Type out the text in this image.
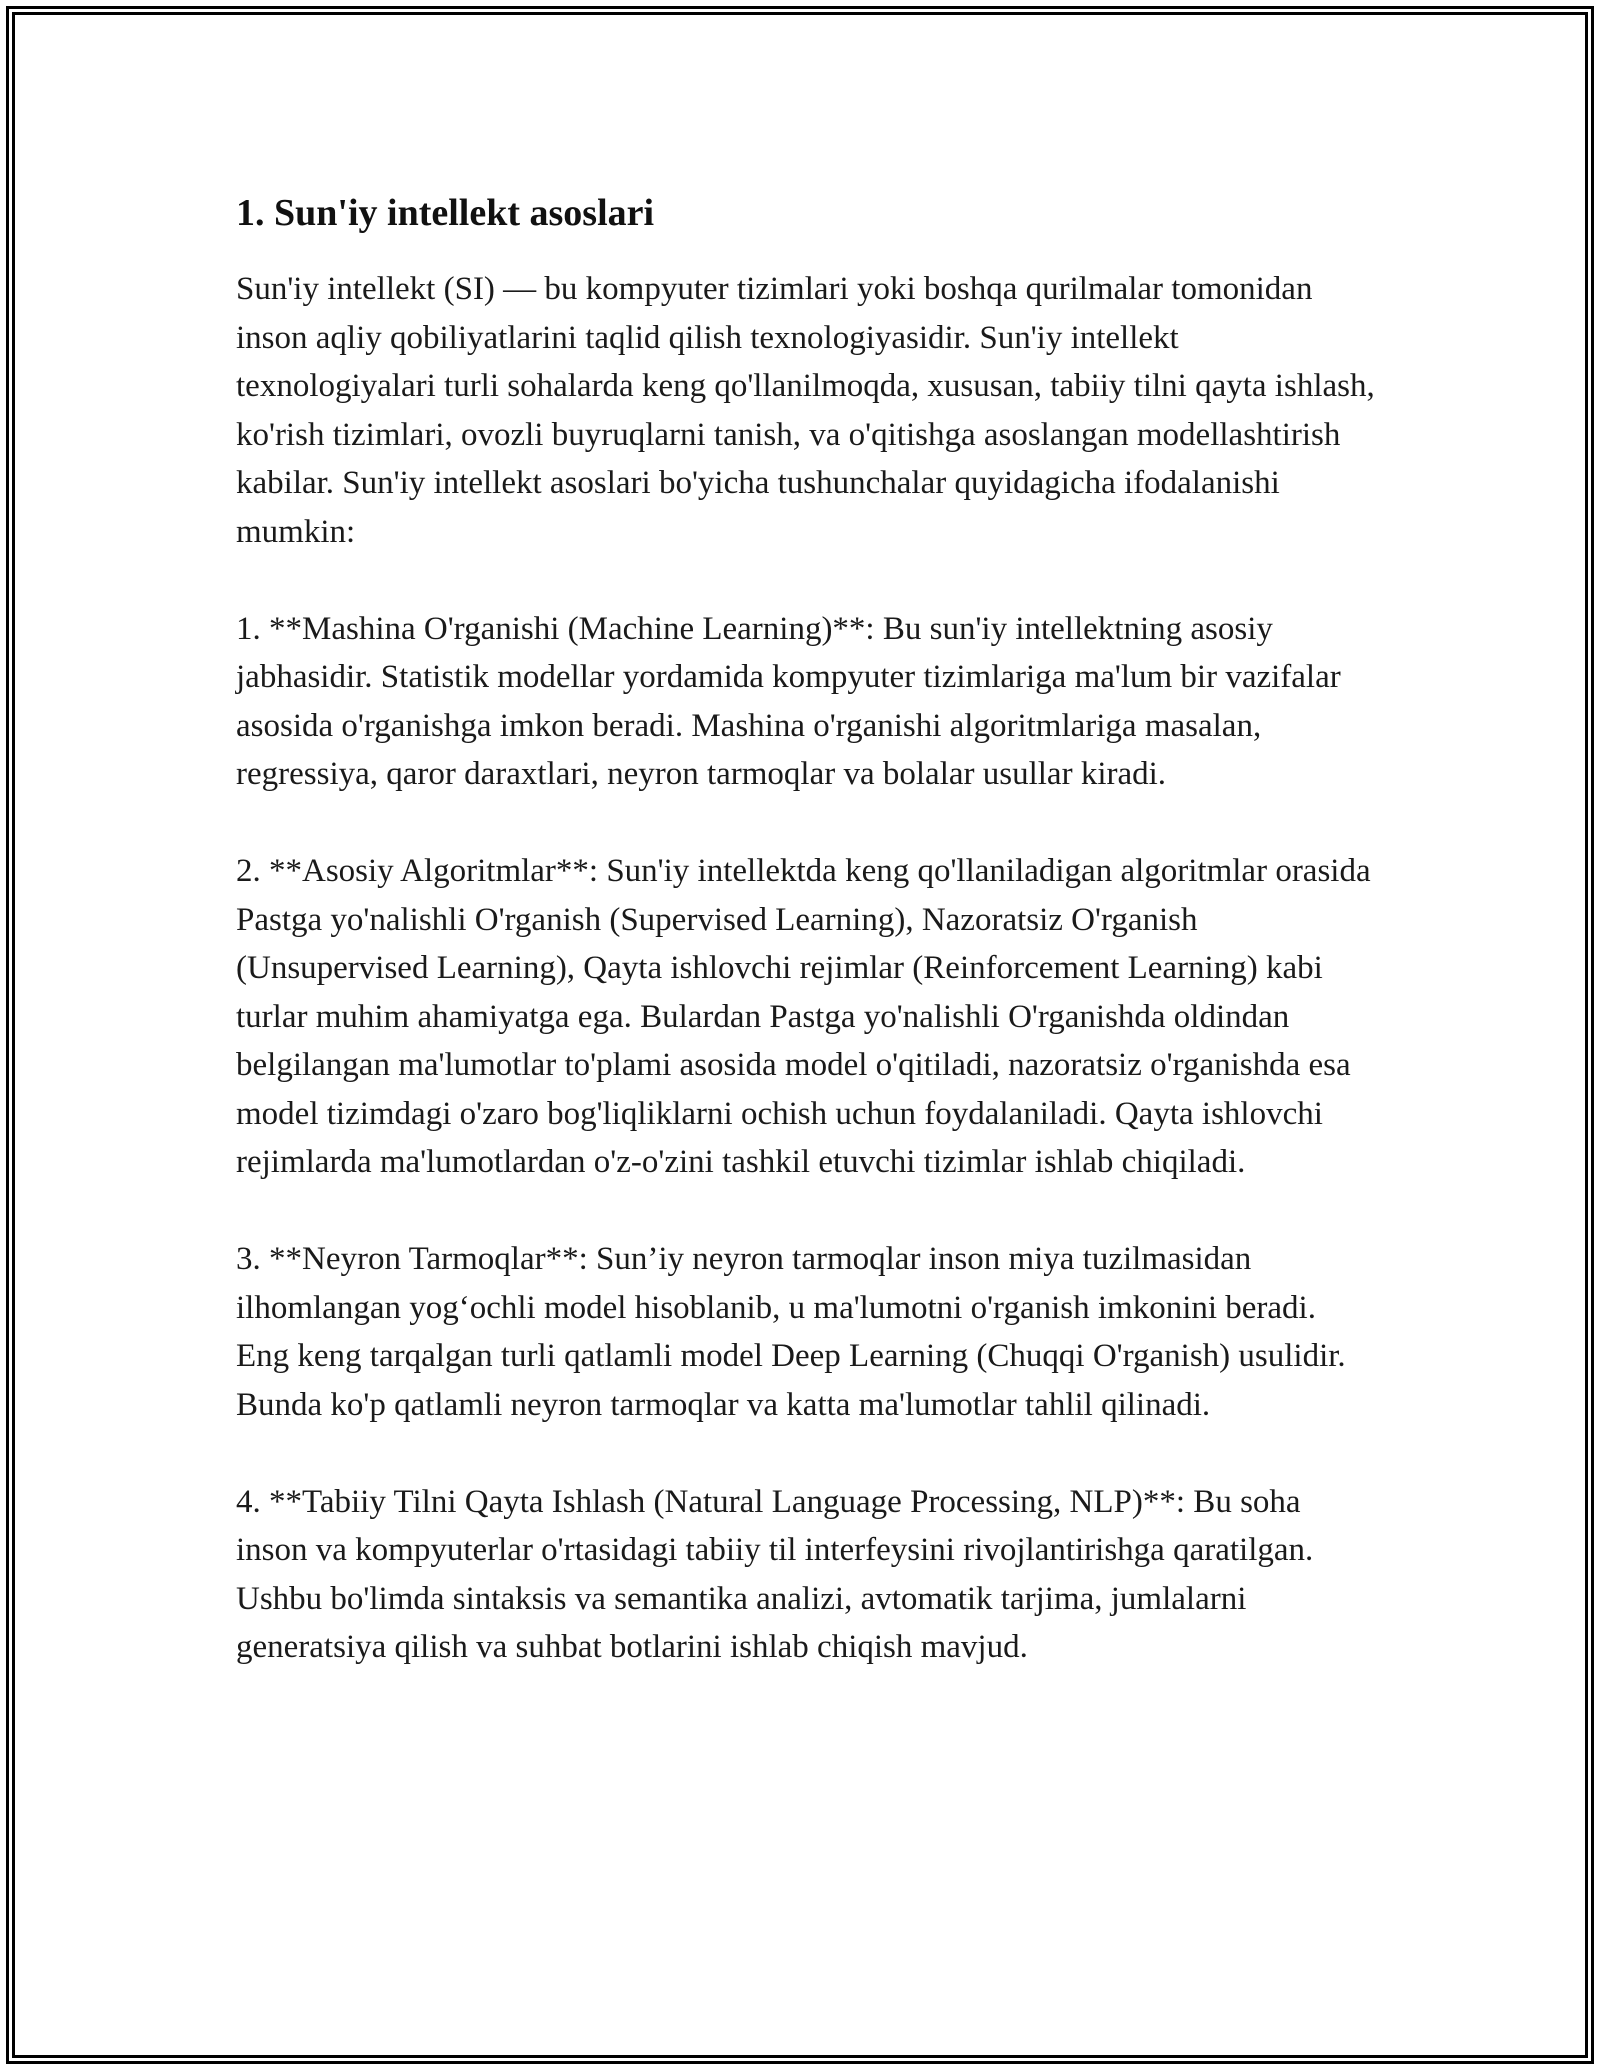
1. Sun'iy intellekt asoslari

Sun'iy intellekt (SI) — bu kompyuter tizimlari yoki boshqa qurilmalar tomonidan inson aqliy qobiliyatlarini taqlid qilish texnologiyasidir. Sun'iy intellekt texnologiyalari turli sohalarda keng qo'llanilmoqda, xususan, tabiiy tilni qayta ishlash, ko'rish tizimlari, ovozli buyruqlarni tanish, va o'qitishga asoslangan modellashtirish kabilar. Sun'iy intellekt asoslari bo'yicha tushunchalar quyidagicha ifodalanishi mumkin:

1. **Mashina O'rganishi (Machine Learning)**: Bu sun'iy intellektning asosiy jabhasidir. Statistik modellar yordamida kompyuter tizimlariga ma'lum bir vazifalar asosida o'rganishga imkon beradi. Mashina o'rganishi algoritmlariga masalan, regressiya, qaror daraxtlari, neyron tarmoqlar va bolalar usullar kiradi.

2. **Asosiy Algoritmlar**: Sun'iy intellektda keng qo'llaniladigan algoritmlar orasida Pastga yo'nalishli O'rganish (Supervised Learning), Nazoratsiz O'rganish (Unsupervised Learning), Qayta ishlovchi rejimlar (Reinforcement Learning) kabi turlar muhim ahamiyatga ega. Bulardan Pastga yo'nalishli O'rganishda oldindan belgilangan ma'lumotlar to'plami asosida model o'qitiladi, nazoratsiz o'rganishda esa model tizimdagi o'zaro bog'liqliklarni ochish uchun foydalaniladi. Qayta ishlovchi rejimlarda ma'lumotlardan o'z-o'zini tashkil etuvchi tizimlar ishlab chiqiladi.

3. **Neyron Tarmoqlar**: Sun’iy neyron tarmoqlar inson miya tuzilmasidan ilhomlangan yog‘ochli model hisoblanib, u ma'lumotni o'rganish imkonini beradi. Eng keng tarqalgan turli qatlamli model Deep Learning (Chuqqi O'rganish) usulidir. Bunda ko'p qatlamli neyron tarmoqlar va katta ma'lumotlar tahlil qilinadi.

4. **Tabiiy Tilni Qayta Ishlash (Natural Language Processing, NLP)**: Bu soha inson va kompyuterlar o'rtasidagi tabiiy til interfeysini rivojlantirishga qaratilgan. Ushbu bo'limda sintaksis va semantika analizi, avtomatik tarjima, jumlalarni generatsiya qilish va suhbat botlarini ishlab chiqish mavjud.
